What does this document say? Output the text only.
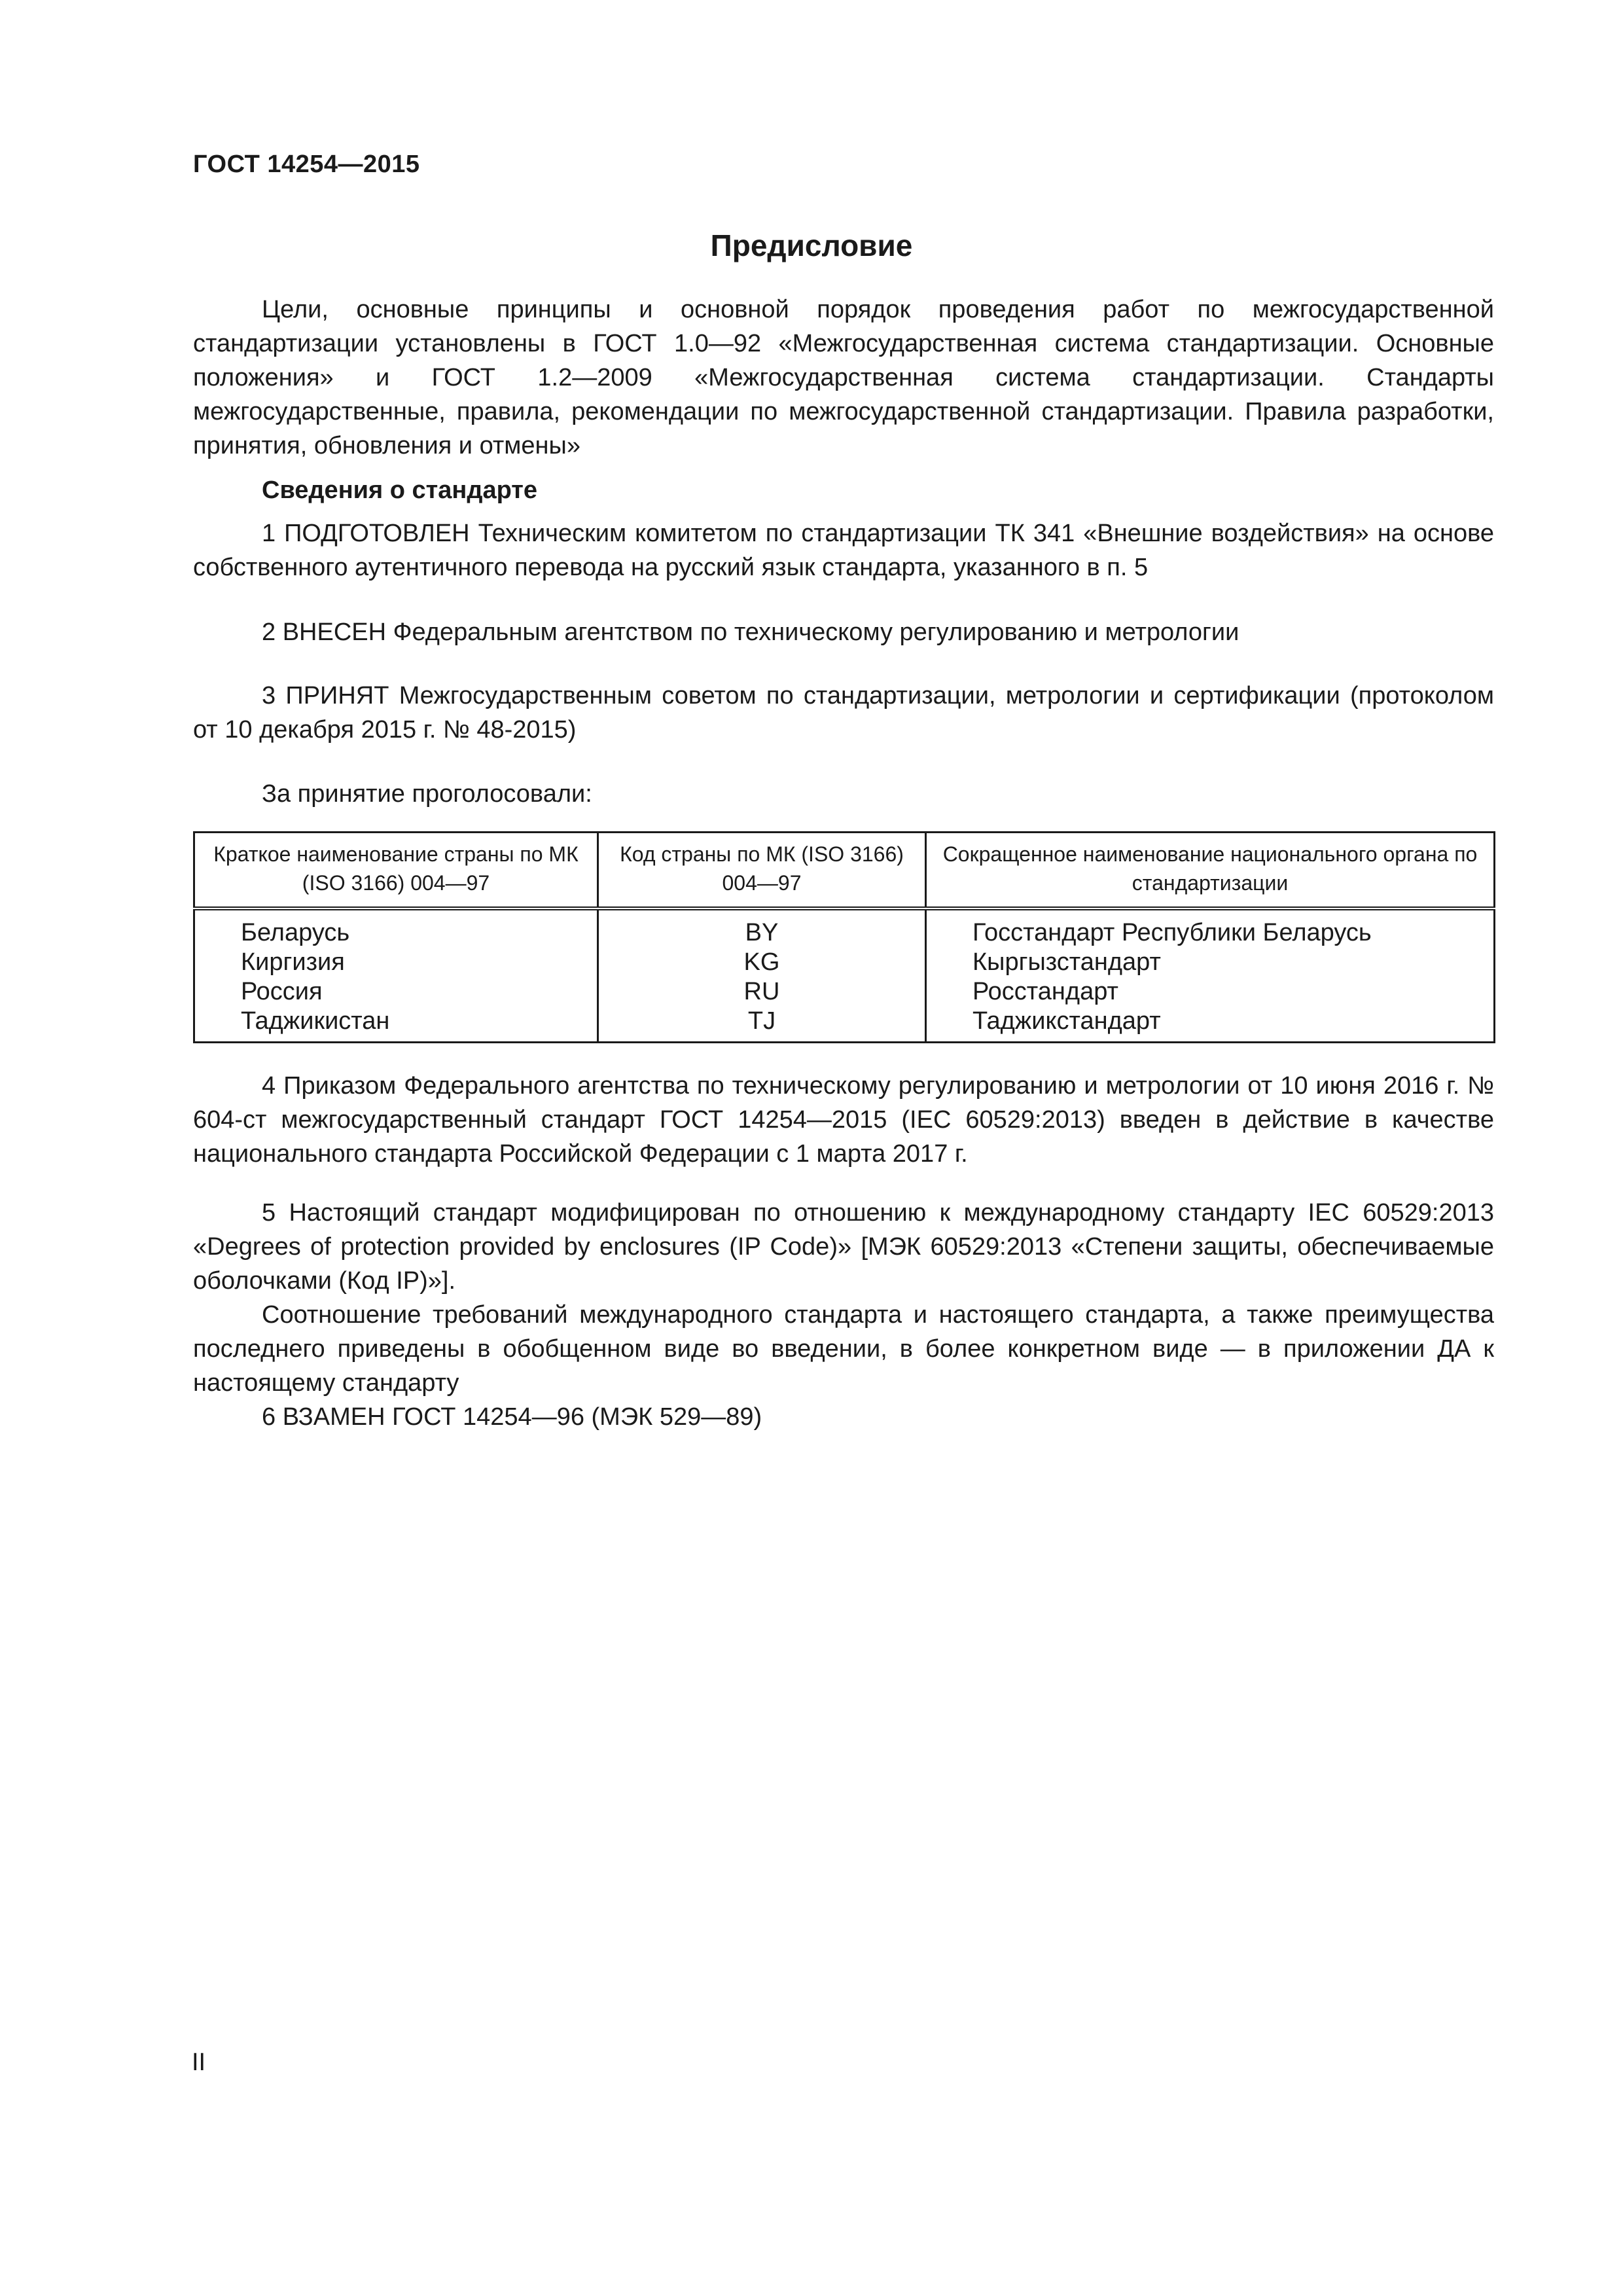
ГОСТ 14254—2015
Предисловие

Цели, основные принципы и основной порядок проведения работ по межгосударственной стандартизации установлены в ГОСТ 1.0—92 «Межгосударственная система стандартизации. Основные положения» и ГОСТ 1.2—2009 «Межгосударственная система стандартизации. Стандарты межгосударственные, правила, рекомендации по межгосударственной стандартизации. Правила разработки, принятия, обновления и отмены»

Сведения о стандарте

1 ПОДГОТОВЛЕН Техническим комитетом по стандартизации ТК 341 «Внешние воздействия» на основе собственного аутентичного перевода на русский язык стандарта, указанного в п. 5

2 ВНЕСЕН Федеральным агентством по техническому регулированию и метрологии

3 ПРИНЯТ Межгосударственным советом по стандартизации, метрологии и сертификации (протоколом от 10 декабря 2015 г. № 48-2015)

За принятие проголосовали:

Краткое наименование страны по МК (ISO 3166) 004—97	Код страны по МК (ISO 3166) 004—97	Сокращенное наименование национального органа по стандартизации
Беларусь	BY	Госстандарт Республики Беларусь
Киргизия	KG	Кыргызстандарт
Россия	RU	Росстандарт
Таджикистан	TJ	Таджикстандарт

4 Приказом Федерального агентства по техническому регулированию и метрологии от 10 июня 2016 г. № 604-ст межгосударственный стандарт ГОСТ 14254—2015 (IEC 60529:2013) введен в действие в качестве национального стандарта Российской Федерации с 1 марта 2017 г.

5 Настоящий стандарт модифицирован по отношению к международному стандарту IEC 60529:2013 «Degrees of protection provided by enclosures (IP Code)» [МЭК 60529:2013 «Степени защиты, обеспечиваемые оболочками (Код IP)»].

Соотношение требований международного стандарта и настоящего стандарта, а также преимущества последнего приведены в обобщенном виде во введении, в более конкретном виде — в приложении ДА к настоящему стандарту

6 ВЗАМЕН ГОСТ 14254—96 (МЭК 529—89)

II
